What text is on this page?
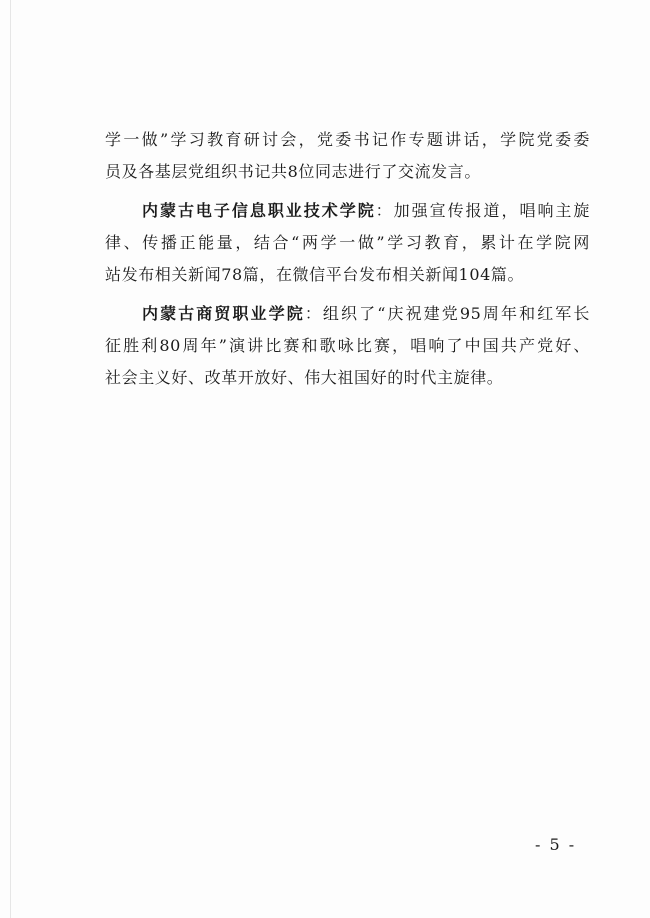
学一做”学习教育研讨会，党委书记作专题讲话，学院党委委
员及各基层党组织书记共8位同志进行了交流发言。
内蒙古电子信息职业技术学院：加强宣传报道，唱响主旋
律、传播正能量，结合“两学一做”学习教育，累计在学院网
站发布相关新闻78篇，在微信平台发布相关新闻104篇。
内蒙古商贸职业学院：组织了“庆祝建党95周年和红军长
征胜利80周年”演讲比赛和歌咏比赛，唱响了中国共产党好、
社会主义好、改革开放好、伟大祖国好的时代主旋律。
- 5 -
